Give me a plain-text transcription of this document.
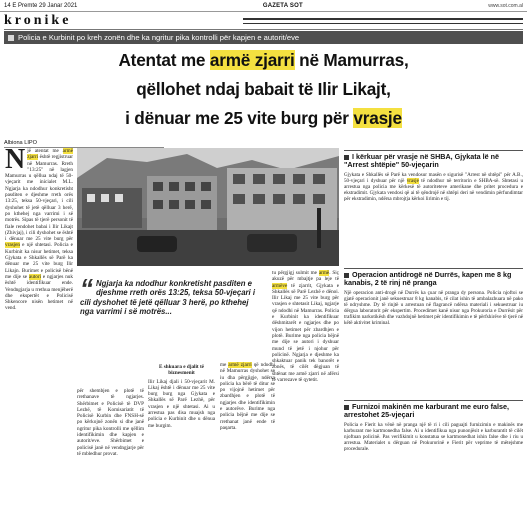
14 E Premte 29 Janar 2021	GAZETA SOT	www.sot.com.al
kronike
Policia e Kurbinit po kreh zonën dhe ka ngritur pika kontrolli për kapjen e autorit/eve
Atentat me armë zjarri në Mamurras,
qëllohet ndaj babait të Ilir Likajt,
i dënuar me 25 vite burg për vrasje
Albiona LIPO
Një atentat me armë zjarri është regjistruar në Mamurras. Rreth "13:25" në lagjen Mamurras u qëllua ndaj të 50-vjeçarit me inicialet M.L. Ngjarja ka ndodhur konkretisht pasditen e djeshme rreth orës 13:25, teksa 50-vjeçari, i cili dyshohet të jetë qëlluar 3 herë, po kthehej nga varrimi i së motrës. Sipas të tjerë personit të fiale rendohet babai i Ilir Likajt (Zhivjaj), i cili dyshohet se është i dënuar me 25 vite burg për vrasjen e një shtetasi. Policia e Kurbinit ka nisur hetimet, teksa Gjykata e Shkallës së Parë ka dënuar me 25 vite burg Ilir Likajn. Burimet e policisë bënë me dije se autori e ngjarjes nuk është identifikuar ende. Vendngjarja u rrethua menjëherë dhe ekspertët e Policisë Shkencore nisën hetimet në vend.
“ Ngjarja ka ndodhur konkretisht pasditen e djeshme rreth orës 13:25, teksa 50-vjeçari i cili dyshohet të jetë qëlluar 3 herë, po kthehej nga varrimi i së motrës...
për shembjen e plotë të rrethanave të ngjarjes. Shërbimet e Policisë të DVP Lezhë, të Komisariatit të Policisë Kurbin dhe FNSH-së po kërkojnë zonën si dhe janë ngritur pika kontrolli me qëllim identifikimin dhe kapjen e autorit/eve. Shërbimet e policisë janë në vendngjarje për të mbledhur provat.
E shkuara e djalit të biznesmenit
Ilir Likaj djali i 50-vjeçarit M. Likaj është i dënuar me 25 vite burg burg nga Gjykata e Shkallës së Parë Lezhë, për vrasjen e një shtetasi. Ai u arrestua pas disa muajsh nga policia e Kurbinit dhe u dënua me burgim.
me armë zjarri që ndodhi në Mamurras dyshohet se iu dha përgjigje, ndërsa policia ka bërë të ditur se po vijojnë hetimet për zbardhjen e plotë të ngjarjes dhe identifikimin e autorëve. Burime nga policia bëjnë me dije se rrethanat janë ende të paqarta.
tu përgjigj sulmit me armë. Siç akuzë për mbajtje pa leje të armëve të zjarrit, Gjykata e Shkallës së Parë Lezhë e dënoi. Ilir Likaj me 25 vite burg për vrasjen e shtetasit Likaj, ngjarje që ndodhi në Mamurras. Policia e Kurbinit ka identifikuar dëshmitarët e ngjarjes dhe po vijon hetimet për zbardhjen e plotë. Burime nga policia bëjnë me dije se autori i dyshuar mund të jetë i njohur për policinë. Ngjarja e djeshme ka shkaktuar panik tek banorët e zonës, të cilët dëgjuan të shtënat me armë zjarri në afërsi të varrezave të qytetit.
I kërkuar për vrasje në SHBA, Gjykata lë në "Arrest shtëpie" 50-vjeçarin
Gjykata e Shkallës së Parë ka vendosur masën e sigurisë "Arrest në shtëpi" për A.B., 50-vjeçari i dyshuar për një vrasje të ndodhur në territorin e SHBA-së. Shtetasi u arrestua nga policia me kërkesë të autoriteteve amerikane dhe pritet procedura e ekstradimit. Gjykata vendosi që ai të qëndrojë në shtëpi deri në vendimin përfundimtar për ekstradimin, ndërsa mbrojtja kërkoi lirimin e tij.
Operacion antidrogë në Durrës, kapen me 8 kg kanabis, 2 të rinj në pranga
Një operacion anti-drogë në Durrës ka çuar në pranga dy persona. Policia njoftoi se gjatë operacionit janë sekuestruar 8 kg kanabis, të cilat ishin të ambalazhuara në pako të ndryshme. Dy të rinjtë u arrestuan në flagrancë ndërsa materiali i sekuestruar iu dërgua laboratorit për ekspertim. Procedimet kanë nisur nga Prokuroria e Durrësit për trafikim narkotikësh dhe vazhdojnë hetimet për identifikimin e të përfshirëve të tjerë në këtë aktivitet kriminal.
Furnizoi makinën me karburant me euro false, arrestohet 25-vjeçari
Policia e Fierit ka vënë në pranga një të ri i cili paguajti furnizimin e makinës me karburant me kartmonedha false. Ai u identifikua nga punonjësit e karburantit të cilët njoftuan policinë. Pas verifikimit u konstatua se kartmonedhat ishin false dhe i riu u arrestua. Materialet u dërguan në Prokurorinë e Fierit për veprime të mëtejshme procedurale.
